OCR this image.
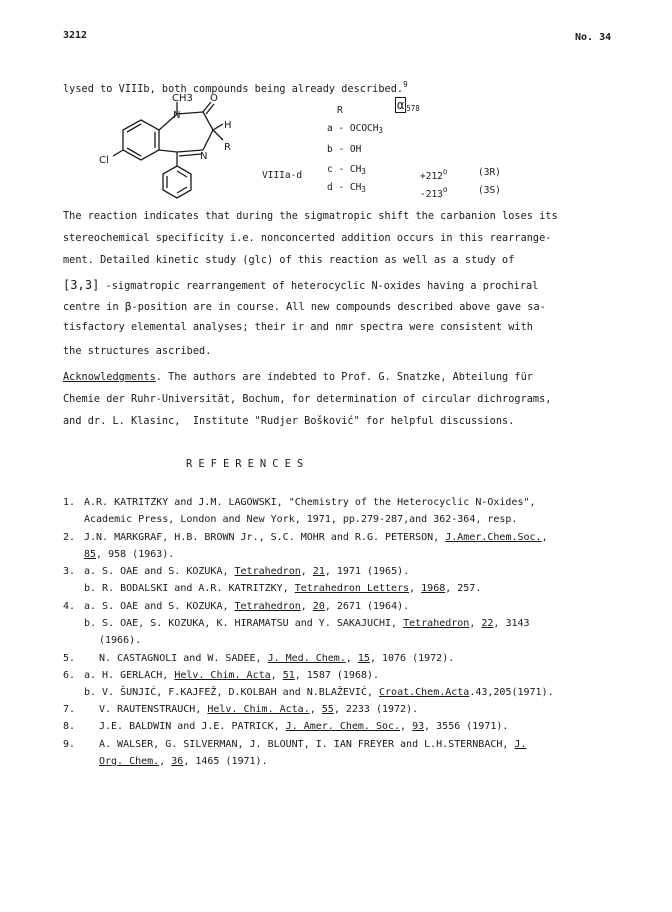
3212	No. 34
lysed to VIIIb, both compounds being already described.$^9$
CH3
N
O
H
R
N
Cl
R	α $_{578}$
a - $OCOCH_3$
b - OH
VIIIa-d
c - $CH_3$	$+212^o$	(3R)
d - $CH_3$	-213$^o$	(3S)
The reaction indicates that during the sigmatropic shift the carbanion loses its
stereochemical specificity i.e. nonconcerted addition occurs in this rearrange-
ment. Detailed kinetic study (glc) of this reaction as well as a study of
[3,3] -sigmatropic rearrangement of heterocyclic N-oxides having a prochiral
centre in β-position are in course. All new compounds described above gave sa-
tisfactory elemental analyses; their ir and nmr spectra were consistent with
the structures ascribed.
Acknowledgments. The authors are indebted to Prof. G. Snatzke, Abteilung für
Chemie der Ruhr-Universität, Bochum, for determination of circular dichrograms,
and dr. L. Klasinc,  Institute "Rudjer Bošković" for helpful discussions.
REFERENCES
1. A.R. KATRITZKY and J.M. LAGOWSKI, "Chemistry of the Heterocyclic N-Oxides",
Academic Press, London and New York, 1971, pp.279-287,and 362-364, resp.
2. J.N. MARKGRAF, H.B. BROWN Jr., S.C. MOHR and R.G. PETERSON, J.Amer.Chem.Soc.,
85, 958 (1963).
3. a. S. OAE and S. KOZUKA, Tetrahedron, 21, 1971 (1965).
b. R. BODALSKI and A.R. KATRITZKY, Tetrahedron Letters, 1968, 257.
4. a. S. OAE and S. KOZUKA, Tetrahedron, 20, 2671 (1964).
b. S. OAE, S. KOZUKA, K. HIRAMATSU and Y. SAKAJUCHI, Tetrahedron, 22, 3143
(1966).
5. N. CASTAGNOLI and W. SADEE, J. Med. Chem., 15, 1076 (1972).
6. a. H. GERLACH, Helv. Chim. Acta, 51, 1587 (1968).
b. V. ŠUNJIĆ, F.KAJFEŽ, D.KOLBAH and N.BLAŽEVIĆ, Croat.Chem.Acta.43,205(1971).
7. V. RAUTENSTRAUCH, Helv. Chim. Acta., 55, 2233 (1972).
8. J.E. BALDWIN and J.E. PATRICK, J. Amer. Chem. Soc., 93, 3556 (1971).
9. A. WALSER, G. SILVERMAN, J. BLOUNT, I. IAN FREYER and L.H.STERNBACH, J.
Org. Chem., 36, 1465 (1971).
